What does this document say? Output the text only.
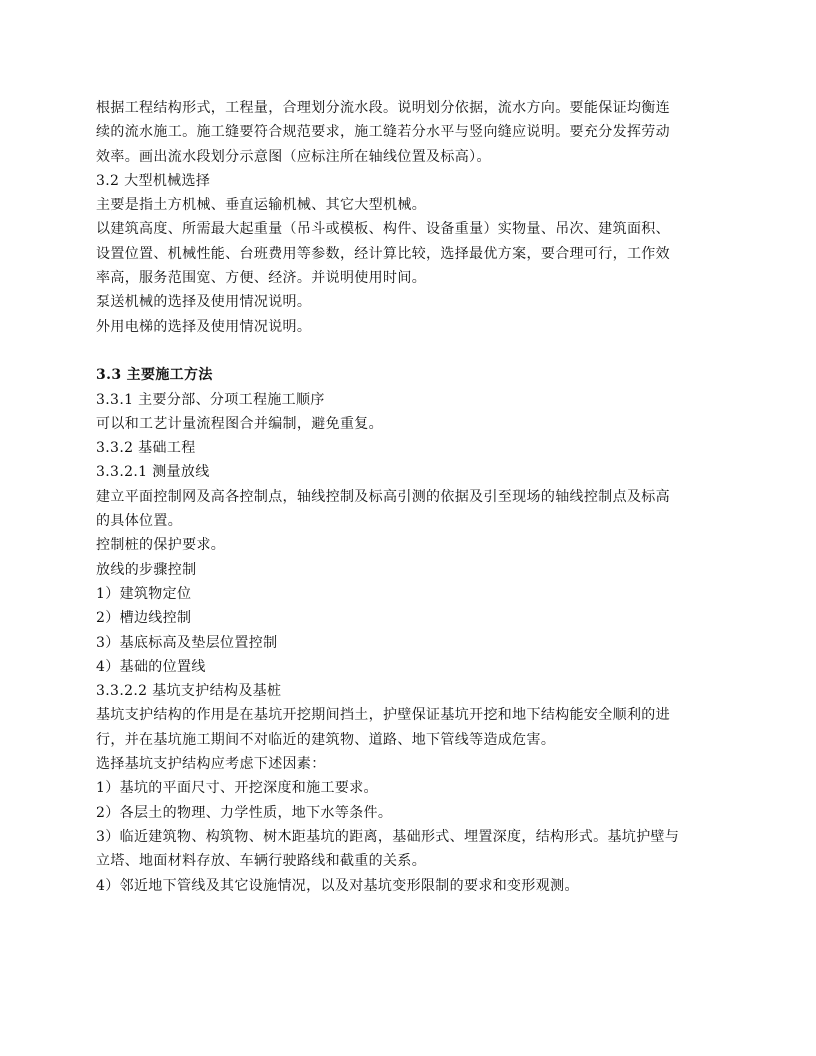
根据工程结构形式，工程量，合理划分流水段。说明划分依据，流水方向。要能保证均衡连
续的流水施工。施工缝要符合规范要求，施工缝若分水平与竖向缝应说明。要充分发挥劳动
效率。画出流水段划分示意图（应标注所在轴线位置及标高）。
3.2 大型机械选择
主要是指土方机械、垂直运输机械、其它大型机械。
以建筑高度、所需最大起重量（吊斗或模板、构件、设备重量）实物量、吊次、建筑面积、
设置位置、机械性能、台班费用等参数，经计算比较，选择最优方案，要合理可行，工作效
率高，服务范围宽、方便、经济。并说明使用时间。
泵送机械的选择及使用情况说明。
外用电梯的选择及使用情况说明。
3.3 主要施工方法
3.3.1 主要分部、分项工程施工顺序
可以和工艺计量流程图合并编制，避免重复。
3.3.2 基础工程
3.3.2.1 测量放线
建立平面控制网及高各控制点，轴线控制及标高引测的依据及引至现场的轴线控制点及标高
的具体位置。
控制桩的保护要求。
放线的步骤控制
1）建筑物定位
2）槽边线控制
3）基底标高及垫层位置控制
4）基础的位置线
3.3.2.2 基坑支护结构及基桩
基坑支护结构的作用是在基坑开挖期间挡土，护壁保证基坑开挖和地下结构能安全顺利的进
行，并在基坑施工期间不对临近的建筑物、道路、地下管线等造成危害。
选择基坑支护结构应考虑下述因素：
1）基坑的平面尺寸、开挖深度和施工要求。
2）各层土的物理、力学性质，地下水等条件。
3）临近建筑物、构筑物、树木距基坑的距离，基础形式、埋置深度，结构形式。基坑护壁与
立塔、地面材料存放、车辆行驶路线和截重的关系。
4）邻近地下管线及其它设施情况，以及对基坑变形限制的要求和变形观测。
